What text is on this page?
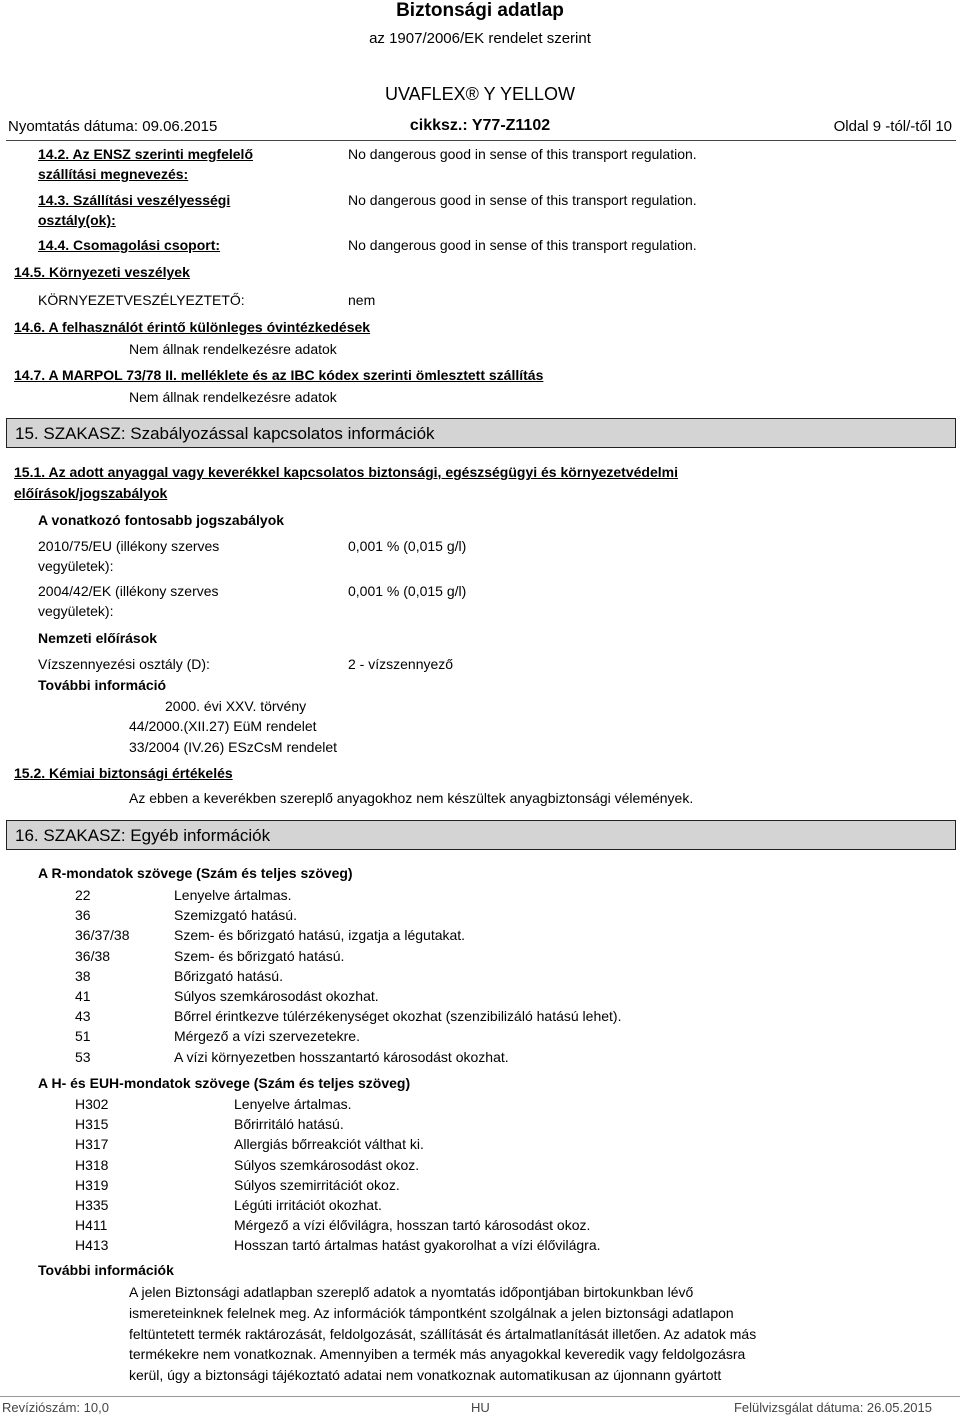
Biztonsági adatlap
az 1907/2006/EK rendelet szerint
UVAFLEX® Y YELLOW
Nyomtatás dátuma: 09.06.2015	cikksz.: Y77-Z1102	Oldal 9 -tól/-től 10
14.2. Az ENSZ szerinti megfelelő
szállítási megnevezés:
No dangerous good in sense of this transport regulation.
14.3. Szállítási veszélyességi
osztály(ok):
No dangerous good in sense of this transport regulation.
14.4. Csomagolási csoport:	No dangerous good in sense of this transport regulation.
14.5. Környezeti veszélyek
KÖRNYEZETVESZÉLYEZTETŐ:	nem
14.6. A felhasználót érintő különleges óvintézkedések
Nem állnak rendelkezésre adatok
14.7. A MARPOL 73/78 II. melléklete és az IBC kódex szerinti ömlesztett szállítás
Nem állnak rendelkezésre adatok
15. SZAKASZ: Szabályozással kapcsolatos információk
15.1. Az adott anyaggal vagy keverékkel kapcsolatos biztonsági, egészségügyi és környezetvédelmi
előírások/jogszabályok
A vonatkozó fontosabb jogszabályok
2010/75/EU (illékony szerves
vegyületek):
0,001 % (0,015 g/l)
2004/42/EK (illékony szerves
vegyületek):
0,001 % (0,015 g/l)
Nemzeti előírások
Vízszennyezési osztály (D):	2 - vízszennyező
További információ
2000. évi XXV. törvény
44/2000.(XII.27) EüM rendelet
33/2004 (IV.26) ESzCsM rendelet
15.2. Kémiai biztonsági értékelés
Az ebben a keverékben szereplő anyagokhoz nem készültek anyagbiztonsági vélemények.
16. SZAKASZ: Egyéb információk
A R-mondatok szövege (Szám és teljes szöveg)
22	Lenyelve ártalmas.
36	Szemizgató hatású.
36/37/38	Szem- és bőrizgató hatású, izgatja a légutakat.
36/38	Szem- és bőrizgató hatású.
38	Bőrizgató hatású.
41	Súlyos szemkárosodást okozhat.
43	Bőrrel érintkezve túlérzékenységet okozhat (szenzibilizáló hatású lehet).
51	Mérgező a vízi szervezetekre.
53	A vízi környezetben hosszantartó károsodást okozhat.
A H- és EUH-mondatok szövege (Szám és teljes szöveg)
H302	Lenyelve ártalmas.
H315	Bőrirritáló hatású.
H317	Allergiás bőrreakciót válthat ki.
H318	Súlyos szemkárosodást okoz.
H319	Súlyos szemirritációt okoz.
H335	Légúti irritációt okozhat.
H411	Mérgező a vízi élővilágra, hosszan tartó károsodást okoz.
H413	Hosszan tartó ártalmas hatást gyakorolhat a vízi élővilágra.
További információk
A jelen Biztonsági adatlapban szereplő adatok a nyomtatás időpontjában birtokunkban lévő
ismereteinknek felelnek meg. Az információk támpontként szolgálnak a jelen biztonsági adatlapon
feltüntetett termék raktározását, feldolgozását, szállítását és ártalmatlanítását illetően. Az adatok más
termékekre nem vonatkoznak. Amennyiben a termék más anyagokkal keveredik vagy feldolgozásra
kerül, úgy a biztonsági tájékoztató adatai nem vonatkoznak automatikusan az újonnann gyártott
Revíziószám: 10,0	HU	Felülvizsgálat dátuma: 26.05.2015
